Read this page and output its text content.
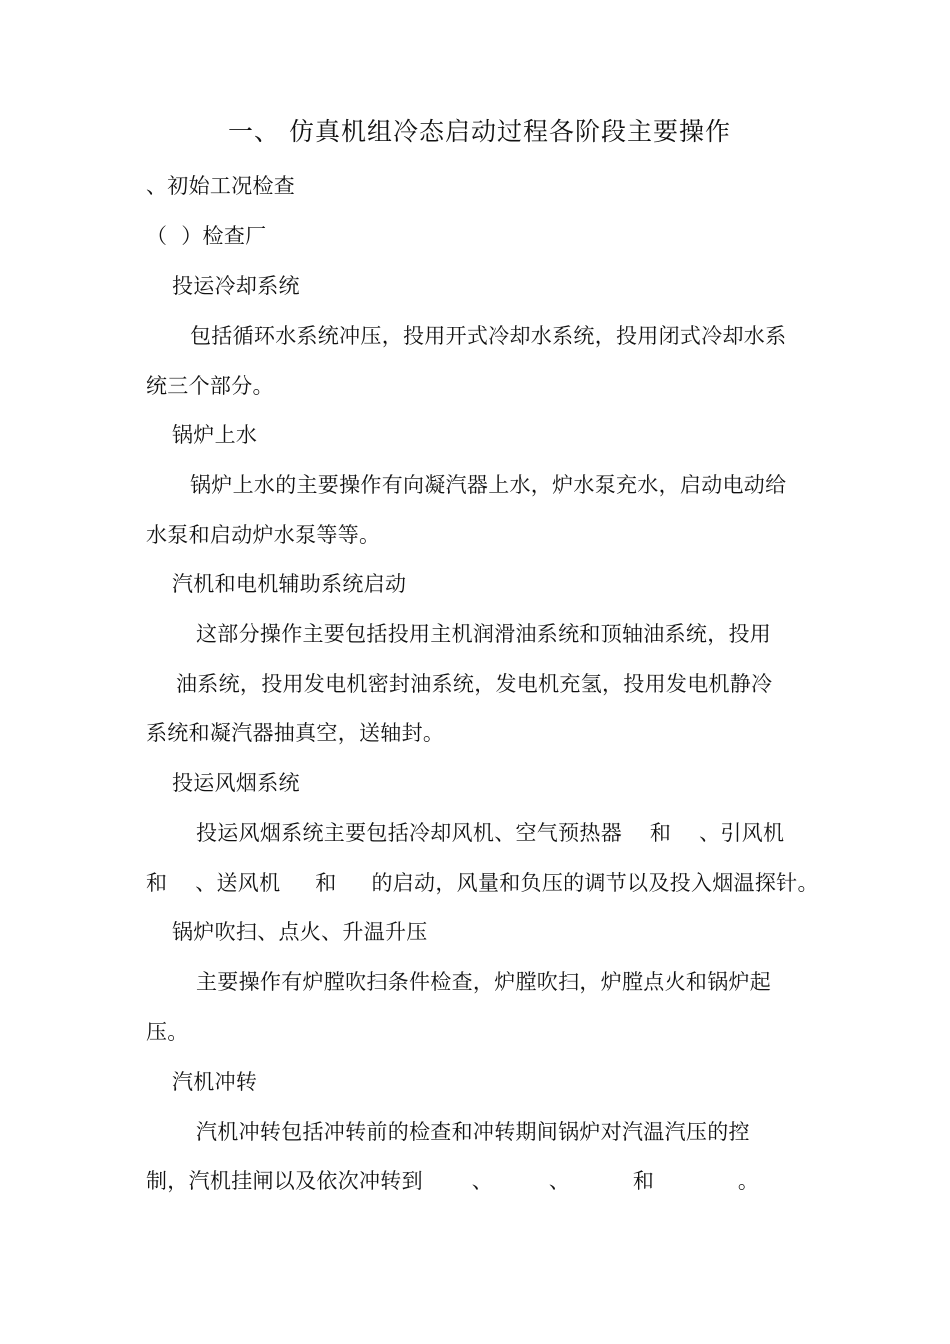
一、 仿真机组冷态启动过程各阶段主要操作
、初始工况检查
（  ）检查厂
投运冷却系统
包括循环水系统冲压，投用开式冷却水系统，投用闭式冷却水系
统三个部分。
锅炉上水
锅炉上水的主要操作有向凝汽器上水，炉水泵充水，启动电动给
水泵和启动炉水泵等等。
汽机和电机辅助系统启动
这部分操作主要包括投用主机润滑油系统和顶轴油系统，投用
油系统，投用发电机密封油系统，发电机充氢，投用发电机静冷
系统和凝汽器抽真空，送轴封。
投运风烟系统
投运风烟系统主要包括冷却风机、空气预热器    和    、引风机
和    、送风机     和     的启动，风量和负压的调节以及投入烟温探针。
锅炉吹扫、点火、升温升压
主要操作有炉膛吹扫条件检查，炉膛吹扫，炉膛点火和锅炉起
压。
汽机冲转
汽机冲转包括冲转前的检查和冲转期间锅炉对汽温汽压的控
制，汽机挂闸以及依次冲转到       、        、         和            。
